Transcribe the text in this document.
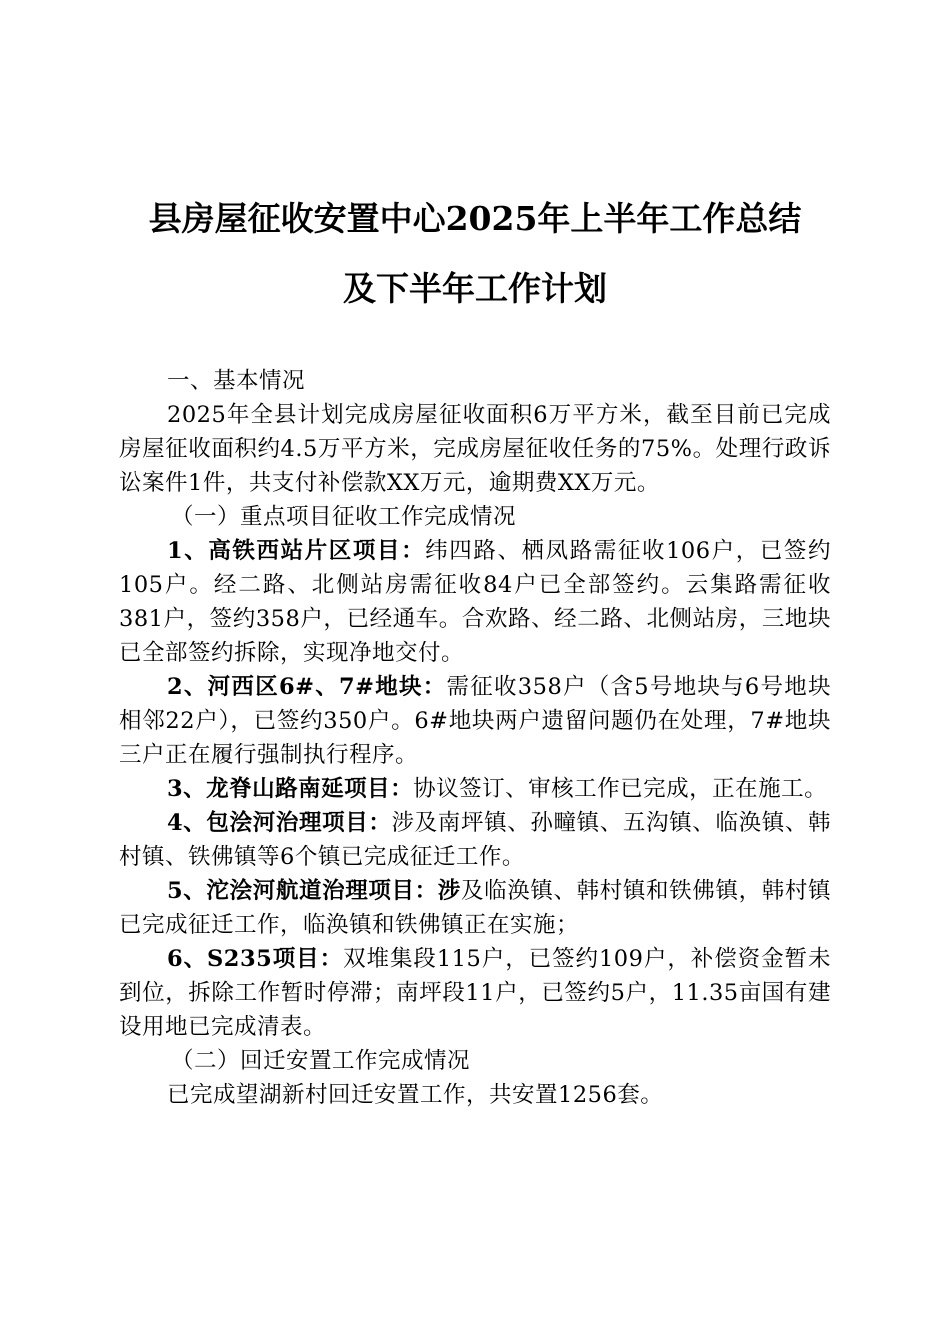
县房屋征收安置中心2025年上半年工作总结
及下半年工作计划

一、基本情况

2025年全县计划完成房屋征收面积6万平方米，截至目前已完成房屋征收面积约4.5万平方米，完成房屋征收任务的75%。处理行政诉讼案件1件，共支付补偿款XX万元，逾期费XX万元。

（一）重点项目征收工作完成情况

1、高铁西站片区项目：纬四路、栖凤路需征收106户，已签约105户。经二路、北侧站房需征收84户已全部签约。云集路需征收381户，签约358户，已经通车。合欢路、经二路、北侧站房，三地块已全部签约拆除，实现净地交付。

2、河西区6#、7#地块：需征收358户（含5号地块与6号地块相邻22户），已签约350户。6#地块两户遗留问题仍在处理，7#地块三户正在履行强制执行程序。

3、龙脊山路南延项目：协议签订、审核工作已完成，正在施工。

4、包浍河治理项目：涉及南坪镇、孙疃镇、五沟镇、临涣镇、韩村镇、铁佛镇等6个镇已完成征迁工作。

5、沱浍河航道治理项目：涉及临涣镇、韩村镇和铁佛镇，韩村镇已完成征迁工作，临涣镇和铁佛镇正在实施；

6、S235项目：双堆集段115户，已签约109户，补偿资金暂未到位，拆除工作暂时停滞；南坪段11户，已签约5户，11.35亩国有建设用地已完成清表。

（二）回迁安置工作完成情况

已完成望湖新村回迁安置工作，共安置1256套。
